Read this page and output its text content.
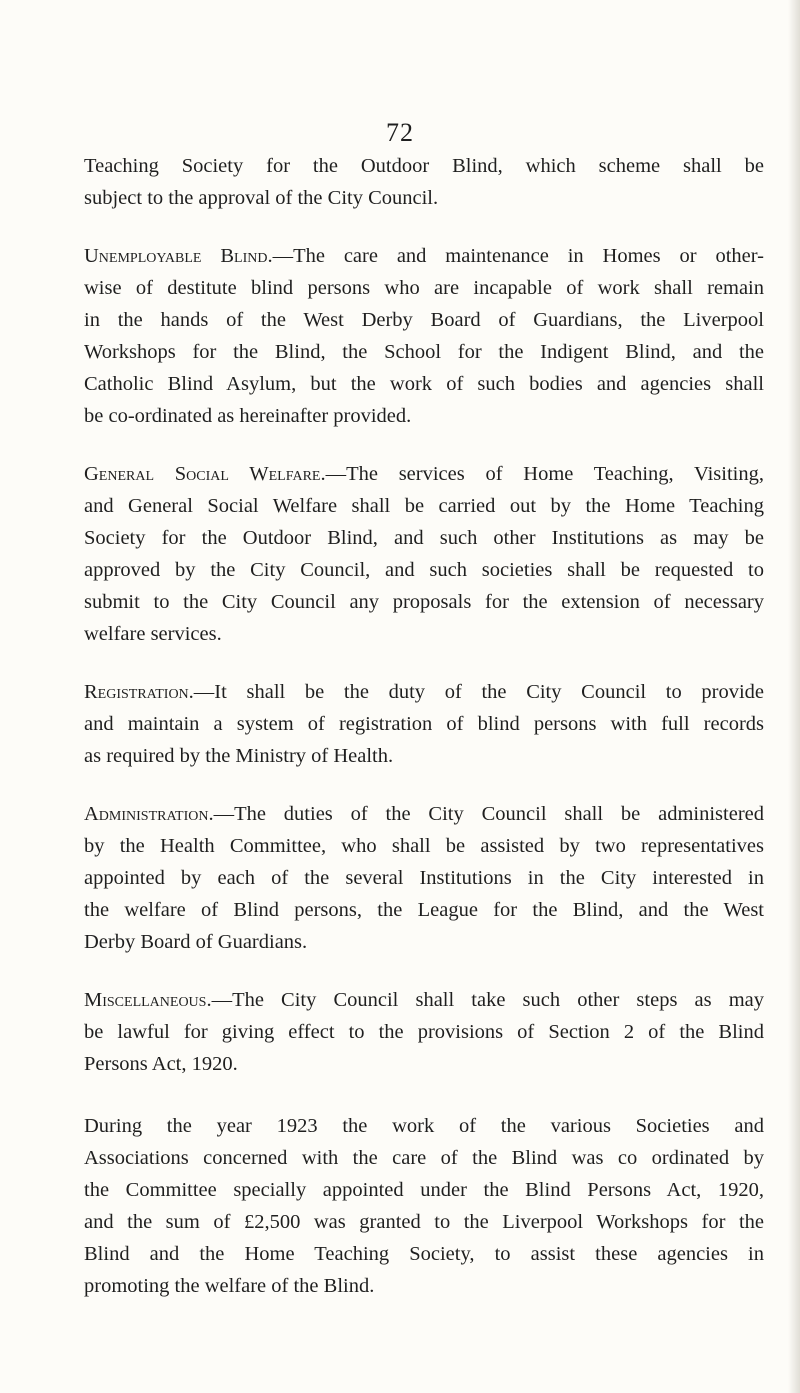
72
Teaching Society for the Outdoor Blind, which scheme shall be
subject to the approval of the City Council.
Unemployable Blind.—The care and maintenance in Homes or other-
wise of destitute blind persons who are incapable of work shall remain
in the hands of the West Derby Board of Guardians, the Liverpool
Workshops for the Blind, the School for the Indigent Blind, and the
Catholic Blind Asylum, but the work of such bodies and agencies shall
be co-ordinated as hereinafter provided.
General Social Welfare.—The services of Home Teaching, Visiting,
and General Social Welfare shall be carried out by the Home Teaching
Society for the Outdoor Blind, and such other Institutions as may be
approved by the City Council, and such societies shall be requested to
submit to the City Council any proposals for the extension of necessary
welfare services.
Registration.—It shall be the duty of the City Council to provide
and maintain a system of registration of blind persons with full records
as required by the Ministry of Health.
Administration.—The duties of the City Council shall be administered
by the Health Committee, who shall be assisted by two representatives
appointed by each of the several Institutions in the City interested in
the welfare of Blind persons, the League for the Blind, and the West
Derby Board of Guardians.
Miscellaneous.—The City Council shall take such other steps as may
be lawful for giving effect to the provisions of Section 2 of the Blind
Persons Act, 1920.
During the year 1923 the work of the various Societies and
Associations concerned with the care of the Blind was co ordinated by
the Committee specially appointed under the Blind Persons Act, 1920,
and the sum of £2,500 was granted to the Liverpool Workshops for the
Blind and the Home Teaching Society, to assist these agencies in
promoting the welfare of the Blind.
